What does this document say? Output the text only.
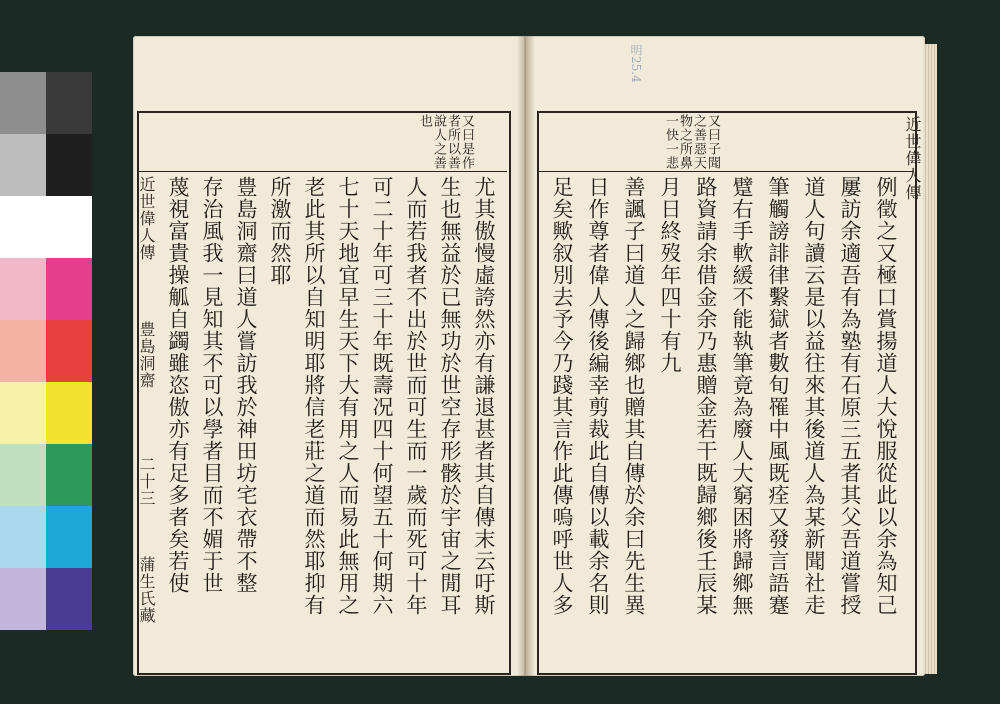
又曰是作者所以善說人之善也
近世偉人傳
豊島洞齋
二十三
蒲生氏藏	尤其傲慢虛誇然亦有謙退甚者其自傳末云吁斯
生也無益於已無功於世空存形骸於宇宙之閒耳
人而若我者不出於世而可生而一歲而死可十年
可二十年可三十年既壽况四十何望五十何期六
七十天地宜早生天下大有用之人而易此無用之
老此其所以自知明耶將信老莊之道而然耶抑有
所激而然耶
豊島洞齋曰道人嘗訪我於神田坊宅衣帶不整
存治風我一見知其不可以學者目而不媚于世
蔑視富貴操觚自蠲雖恣傲亦有足多者矣若使
又曰子聞之善惡天物之所鼻一快一悲
明25.4
近世偉人傳
例徵之又極口賞揚道人大悅服從此以余為知己
屢訪余適吾有為塾有石原三五者其父吾道嘗授
道人句讀云是以益往來其後道人為某新聞社走
筆觸謗誹律繫獄者數旬罹中風既痊又發言語蹇
躄右手軟緩不能執筆竟為廢人大窮困將歸鄉無
路資請余借金余乃惠贈金若干既歸鄉後壬辰某
月日終歿年四十有九
善諷子曰道人之歸鄉也贈其自傳於余曰先生異
日作尊者偉人傳後編幸剪裁此自傳以載余名則
足矣歟叙別去予今乃踐其言作此傳嗚呼世人多
